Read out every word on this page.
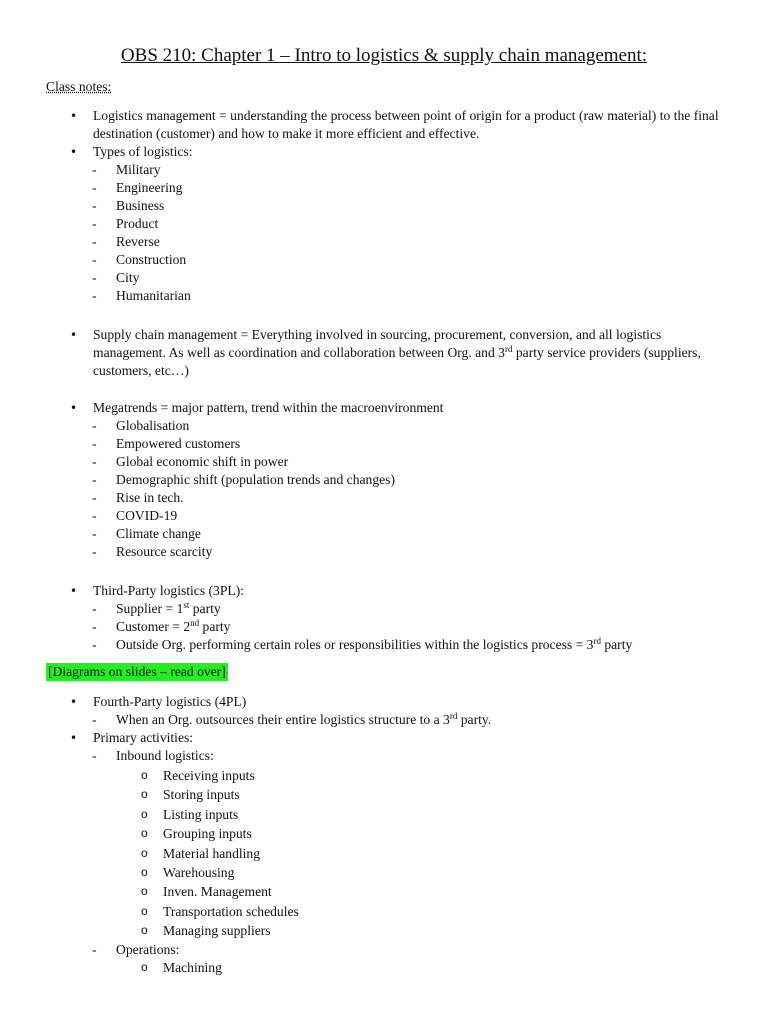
OBS 210: Chapter 1 – Intro to logistics & supply chain management:
Class notes:
• Logistics management = understanding the process between point of origin for a product (raw material) to the final destination (customer) and how to make it more efficient and effective.
• Types of logistics:
- Military
- Engineering
- Business
- Product
- Reverse
- Construction
- City
- Humanitarian
• Supply chain management = Everything involved in sourcing, procurement, conversion, and all logistics management. As well as coordination and collaboration between Org. and 3rd party service providers (suppliers, customers, etc…)
• Megatrends = major pattern, trend within the macroenvironment
- Globalisation
- Empowered customers
- Global economic shift in power
- Demographic shift (population trends and changes)
- Rise in tech.
- COVID-19
- Climate change
- Resource scarcity
• Third-Party logistics (3PL):
- Supplier = 1st party
- Customer = 2nd party
- Outside Org. performing certain roles or responsibilities within the logistics process = 3rd party
[Diagrams on slides – read over]
• Fourth-Party logistics (4PL)
- When an Org. outsources their entire logistics structure to a 3rd party.
• Primary activities:
- Inbound logistics:
o Receiving inputs
o Storing inputs
o Listing inputs
o Grouping inputs
o Material handling
o Warehousing
o Inven. Management
o Transportation schedules
o Managing suppliers
- Operations:
o Machining
